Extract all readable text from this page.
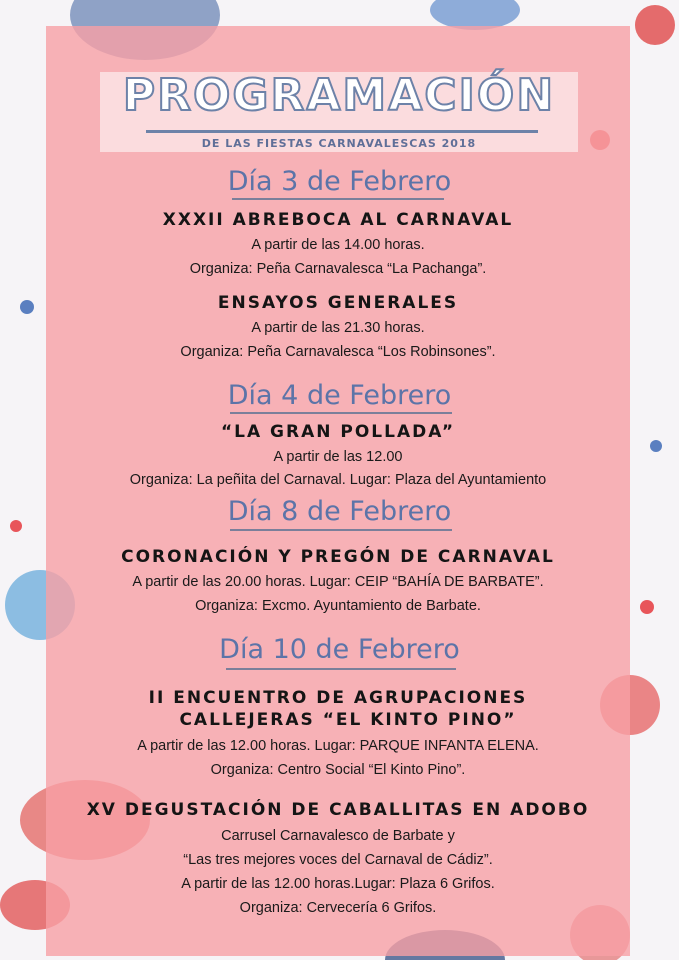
PROGRAMACIÓN
DE LAS FIESTAS CARNAVALESCAS 2018
Día 3 de Febrero
XXXII ABREBOCA AL CARNAVAL
A partir de las 14.00 horas.
Organiza: Peña Carnavalesca “La Pachanga”.
ENSAYOS GENERALES
A partir de las 21.30 horas.
Organiza: Peña Carnavalesca “Los Robinsones”.
Día 4 de Febrero
“LA GRAN POLLADA”
A partir de las 12.00
Organiza: La peñita del Carnaval. Lugar: Plaza del Ayuntamiento
Día 8 de Febrero
CORONACIÓN Y PREGÓN DE CARNAVAL
A partir de las 20.00 horas. Lugar: CEIP “BAHÍA DE BARBATE”.
Organiza: Excmo. Ayuntamiento de Barbate.
Día 10 de Febrero
II ENCUENTRO DE AGRUPACIONES
CALLEJERAS “EL KINTO PINO”
A partir de las 12.00 horas. Lugar: PARQUE INFANTA ELENA.
Organiza: Centro Social “El Kinto Pino”.
XV DEGUSTACIÓN DE CABALLITAS EN ADOBO
Carrusel Carnavalesco de Barbate y
“Las tres mejores voces del Carnaval de Cádiz”.
A partir de las 12.00 horas.Lugar: Plaza 6 Grifos.
Organiza: Cervecería 6 Grifos.
